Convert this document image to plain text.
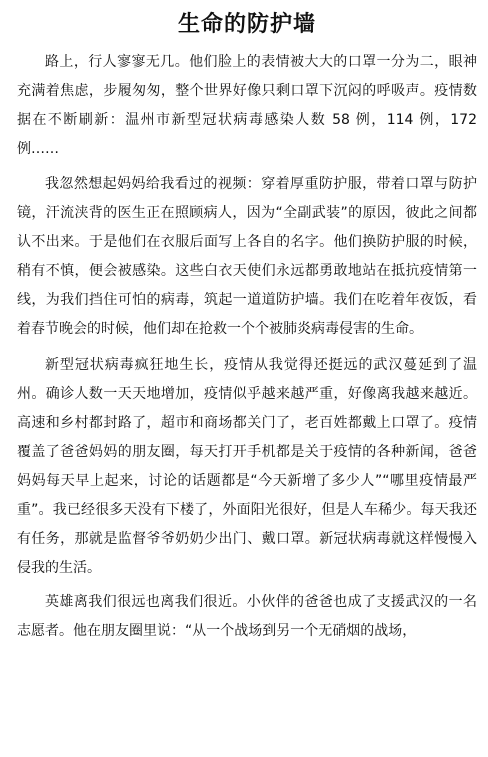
生命的防护墙

路上，行人寥寥无几。他们脸上的表情被大大的口罩一分为二，眼神充满着焦虑，步履匆匆，整个世界好像只剩口罩下沉闷的呼吸声。疫情数据在不断刷新：温州市新型冠状病毒感染人数 58 例，114 例，172 例……

我忽然想起妈妈给我看过的视频：穿着厚重防护服，带着口罩与防护镜，汗流浃背的医生正在照顾病人，因为“全副武装”的原因，彼此之间都认不出来。于是他们在衣服后面写上各自的名字。他们换防护服的时候，稍有不慎，便会被感染。这些白衣天使们永远都勇敢地站在抵抗疫情第一线，为我们挡住可怕的病毒，筑起一道道防护墙。我们在吃着年夜饭，看着春节晚会的时候，他们却在抢救一个个被肺炎病毒侵害的生命。

新型冠状病毒疯狂地生长，疫情从我觉得还挺远的武汉蔓延到了温州。确诊人数一天天地增加，疫情似乎越来越严重，好像离我越来越近。高速和乡村都封路了，超市和商场都关门了，老百姓都戴上口罩了。疫情覆盖了爸爸妈妈的朋友圈，每天打开手机都是关于疫情的各种新闻，爸爸妈妈每天早上起来，讨论的话题都是“今天新增了多少人”“哪里疫情最严重”。我已经很多天没有下楼了，外面阳光很好，但是人车稀少。每天我还有任务，那就是监督爷爷奶奶少出门、戴口罩。新冠状病毒就这样慢慢入侵我的生活。

英雄离我们很远也离我们很近。小伙伴的爸爸也成了支援武汉的一名志愿者。他在朋友圈里说：“从一个战场到另一个无硝烟的战场，
